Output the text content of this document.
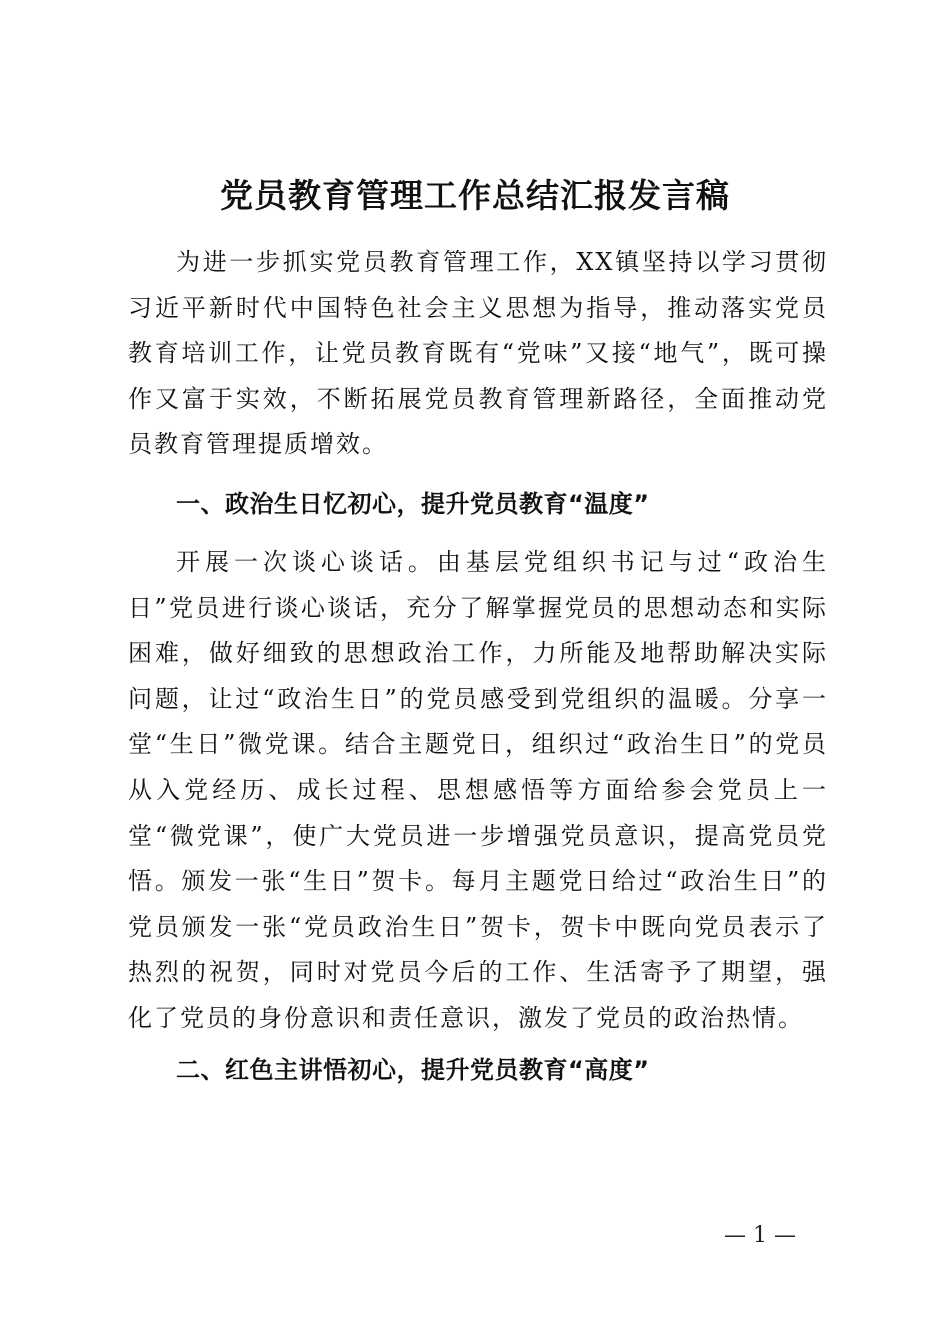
党员教育管理工作总结汇报发言稿

为进一步抓实党员教育管理工作，XX镇坚持以学习贯彻习近平新时代中国特色社会主义思想为指导，推动落实党员教育培训工作，让党员教育既有“党味”又接“地气”，既可操作又富于实效，不断拓展党员教育管理新路径，全面推动党员教育管理提质增效。

一、政治生日忆初心，提升党员教育“温度”

开展一次谈心谈话。由基层党组织书记与过“政治生日”党员进行谈心谈话，充分了解掌握党员的思想动态和实际困难，做好细致的思想政治工作，力所能及地帮助解决实际问题，让过“政治生日”的党员感受到党组织的温暖。分享一堂“生日”微党课。结合主题党日，组织过“政治生日”的党员从入党经历、成长过程、思想感悟等方面给参会党员上一堂“微党课”，使广大党员进一步增强党员意识，提高党员党悟。颁发一张“生日”贺卡。每月主题党日给过“政治生日”的党员颁发一张“党员政治生日”贺卡，贺卡中既向党员表示了热烈的祝贺，同时对党员今后的工作、生活寄予了期望，强化了党员的身份意识和责任意识，激发了党员的政治热情。

二、红色主讲悟初心，提升党员教育“高度”
— 1 —
